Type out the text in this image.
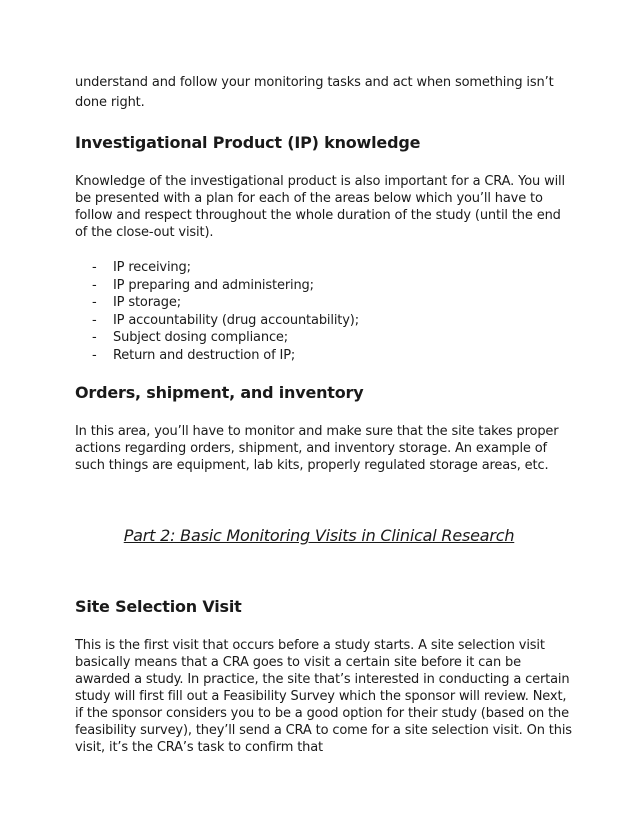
understand and follow your monitoring tasks and act when something isn’t done right.

Investigational Product (IP) knowledge

Knowledge of the investigational product is also important for a CRA. You will be presented with a plan for each of the areas below which you’ll have to follow and respect throughout the whole duration of the study (until the end of the close-out visit).

- IP receiving;
- IP preparing and administering;
- IP storage;
- IP accountability (drug accountability);
- Subject dosing compliance;
- Return and destruction of IP;
Orders, shipment, and inventory

In this area, you’ll have to monitor and make sure that the site takes proper actions regarding orders, shipment, and inventory storage. An example of such things are equipment, lab kits, properly regulated storage areas, etc.

Site Selection Visit

This is the first visit that occurs before a study starts. A site selection visit basically means that a CRA goes to visit a certain site before it can be awarded a study. In practice, the site that’s interested in conducting a certain study will first fill out a Feasibility Survey which the sponsor will review. Next, if the sponsor considers you to be a good option for their study (based on the feasibility survey), they’ll send a CRA to come for a site selection visit. On this visit, it’s the CRA’s task to confirm that

Part 2: Basic Monitoring Visits in Clinical Research
